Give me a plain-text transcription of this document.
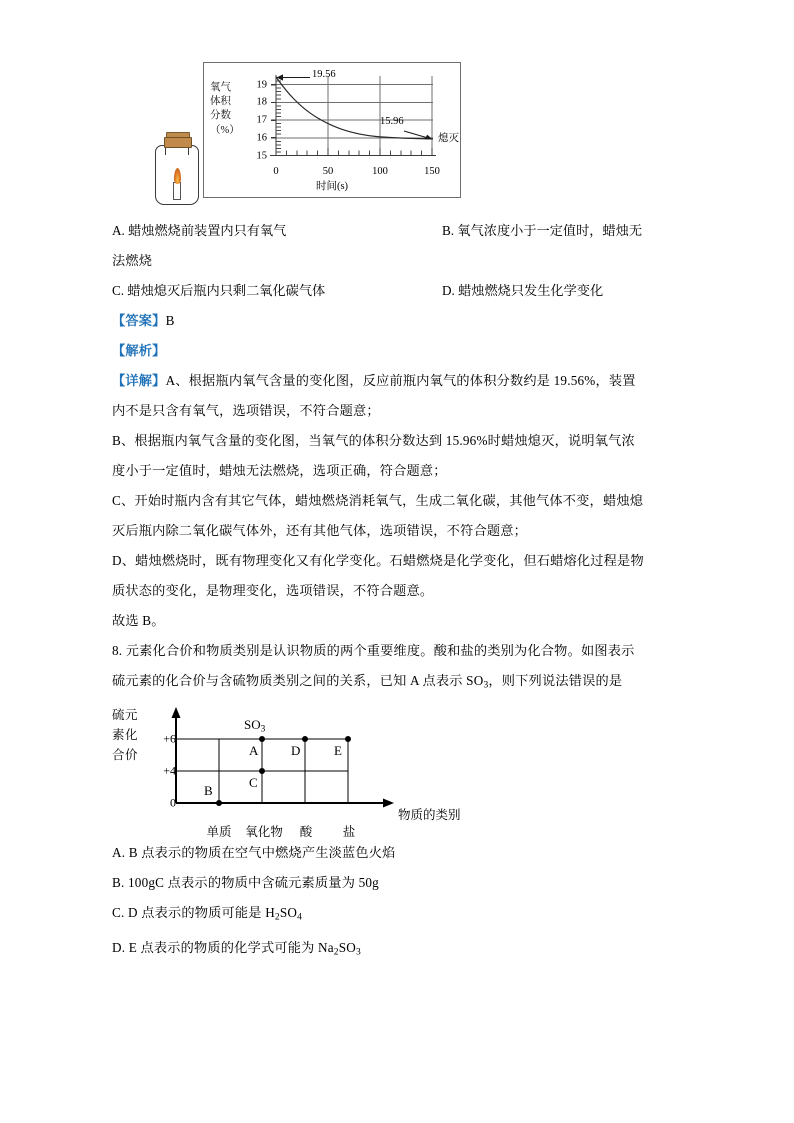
氧气
体积
分数
（%）
19
18
17
16
15
0	50	100	150
19.56
15.96
熄灭
时间(s)
A. 蜡烛燃烧前装置内只有氧气	B. 氧气浓度小于一定值时，蜡烛无
法燃烧
C. 蜡烛熄灭后瓶内只剩二氧化碳气体	D. 蜡烛燃烧只发生化学变化
【答案】B
【解析】
【详解】A、根据瓶内氧气含量的变化图，反应前瓶内氧气的体积分数约是 19.56%，装置
内不是只含有氧气，选项错误，不符合题意；
B、根据瓶内氧气含量的变化图，当氧气的体积分数达到 15.96%时蜡烛熄灭，说明氧气浓
度小于一定值时，蜡烛无法燃烧，选项正确，符合题意；
C、开始时瓶内含有其它气体，蜡烛燃烧消耗氧气，生成二氧化碳，其他气体不变，蜡烛熄
灭后瓶内除二氧化碳气体外，还有其他气体，选项错误，不符合题意；
D、蜡烛燃烧时，既有物理变化又有化学变化。石蜡燃烧是化学变化，但石蜡熔化过程是物
质状态的变化，是物理变化，选项错误，不符合题意。
故选 B。
8. 元素化合价和物质类别是认识物质的两个重要维度。酸和盐的类别为化合物。如图表示
硫元素的化合价与含硫物质类别之间的关系，已知 A 点表示 $SO_3$，则下列说法错误的是
硫元
素化
合价
+6
+4
0
单质 氧化物 酸 盐
B
C
A	D	E
$SO_3$
物质的类别
A. B 点表示的物质在空气中燃烧产生淡蓝色火焰
B. 100gC 点表示的物质中含硫元素质量为 50g
C. D 点表示的物质可能是 $H_2SO_4$
D. E 点表示的物质的化学式可能为 $Na_2SO_3$
